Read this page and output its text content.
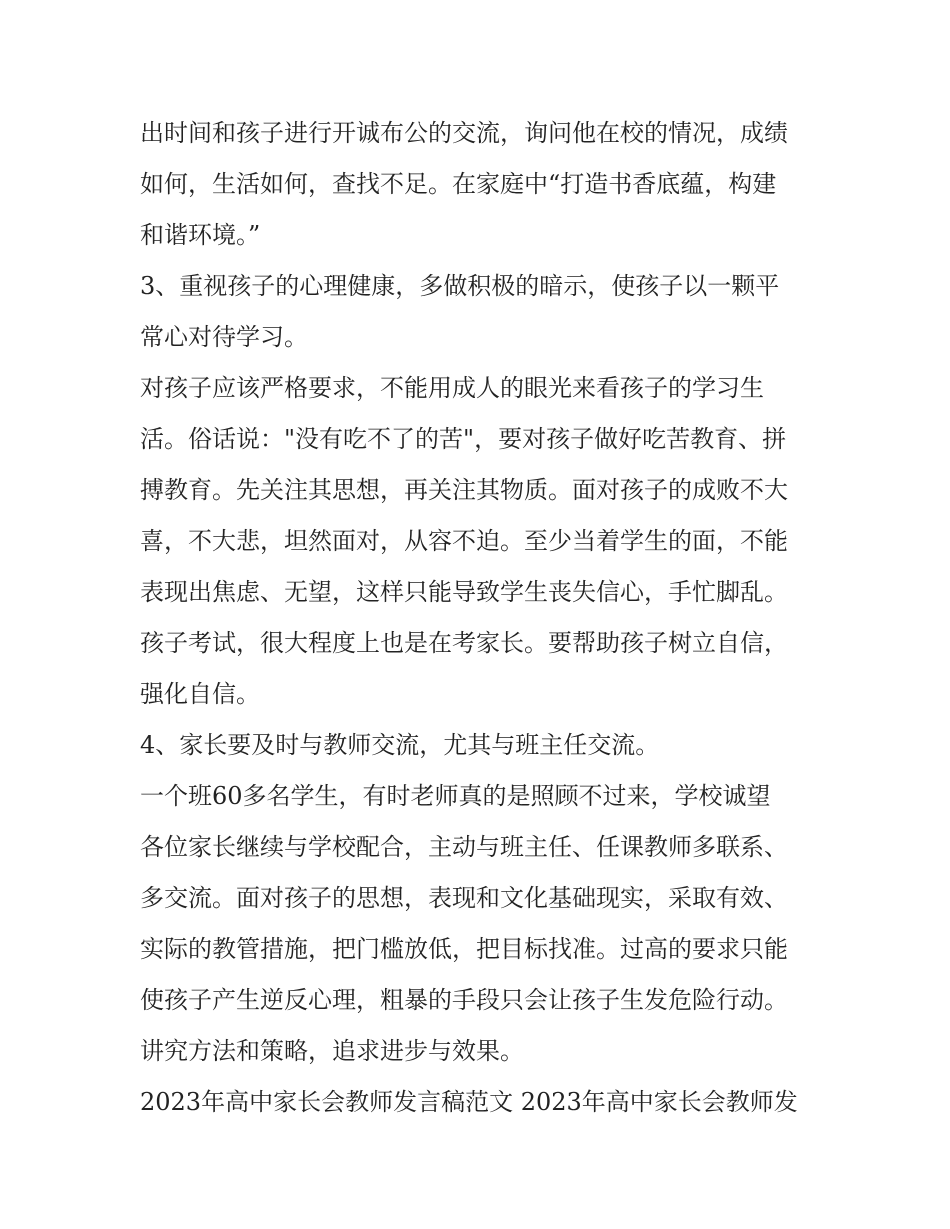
出时间和孩子进行开诚布公的交流，询问他在校的情况，成绩
如何，生活如何，查找不足。在家庭中“打造书香底蕴，构建
和谐环境。”
3、重视孩子的心理健康，多做积极的暗示，使孩子以一颗平
常心对待学习。
对孩子应该严格要求，不能用成人的眼光来看孩子的学习生
活。俗话说："没有吃不了的苦"，要对孩子做好吃苦教育、拼
搏教育。先关注其思想，再关注其物质。面对孩子的成败不大
喜，不大悲，坦然面对，从容不迫。至少当着学生的面，不能
表现出焦虑、无望，这样只能导致学生丧失信心，手忙脚乱。
孩子考试，很大程度上也是在考家长。要帮助孩子树立自信，
强化自信。
4、家长要及时与教师交流，尤其与班主任交流。
一个班60多名学生，有时老师真的是照顾不过来，学校诚望
各位家长继续与学校配合，主动与班主任、任课教师多联系、
多交流。面对孩子的思想，表现和文化基础现实，采取有效、
实际的教管措施，把门槛放低，把目标找准。过高的要求只能
使孩子产生逆反心理，粗暴的手段只会让孩子生发危险行动。
讲究方法和策略，追求进步与效果。
2023年高中家长会教师发言稿范文 2023年高中家长会教师发
